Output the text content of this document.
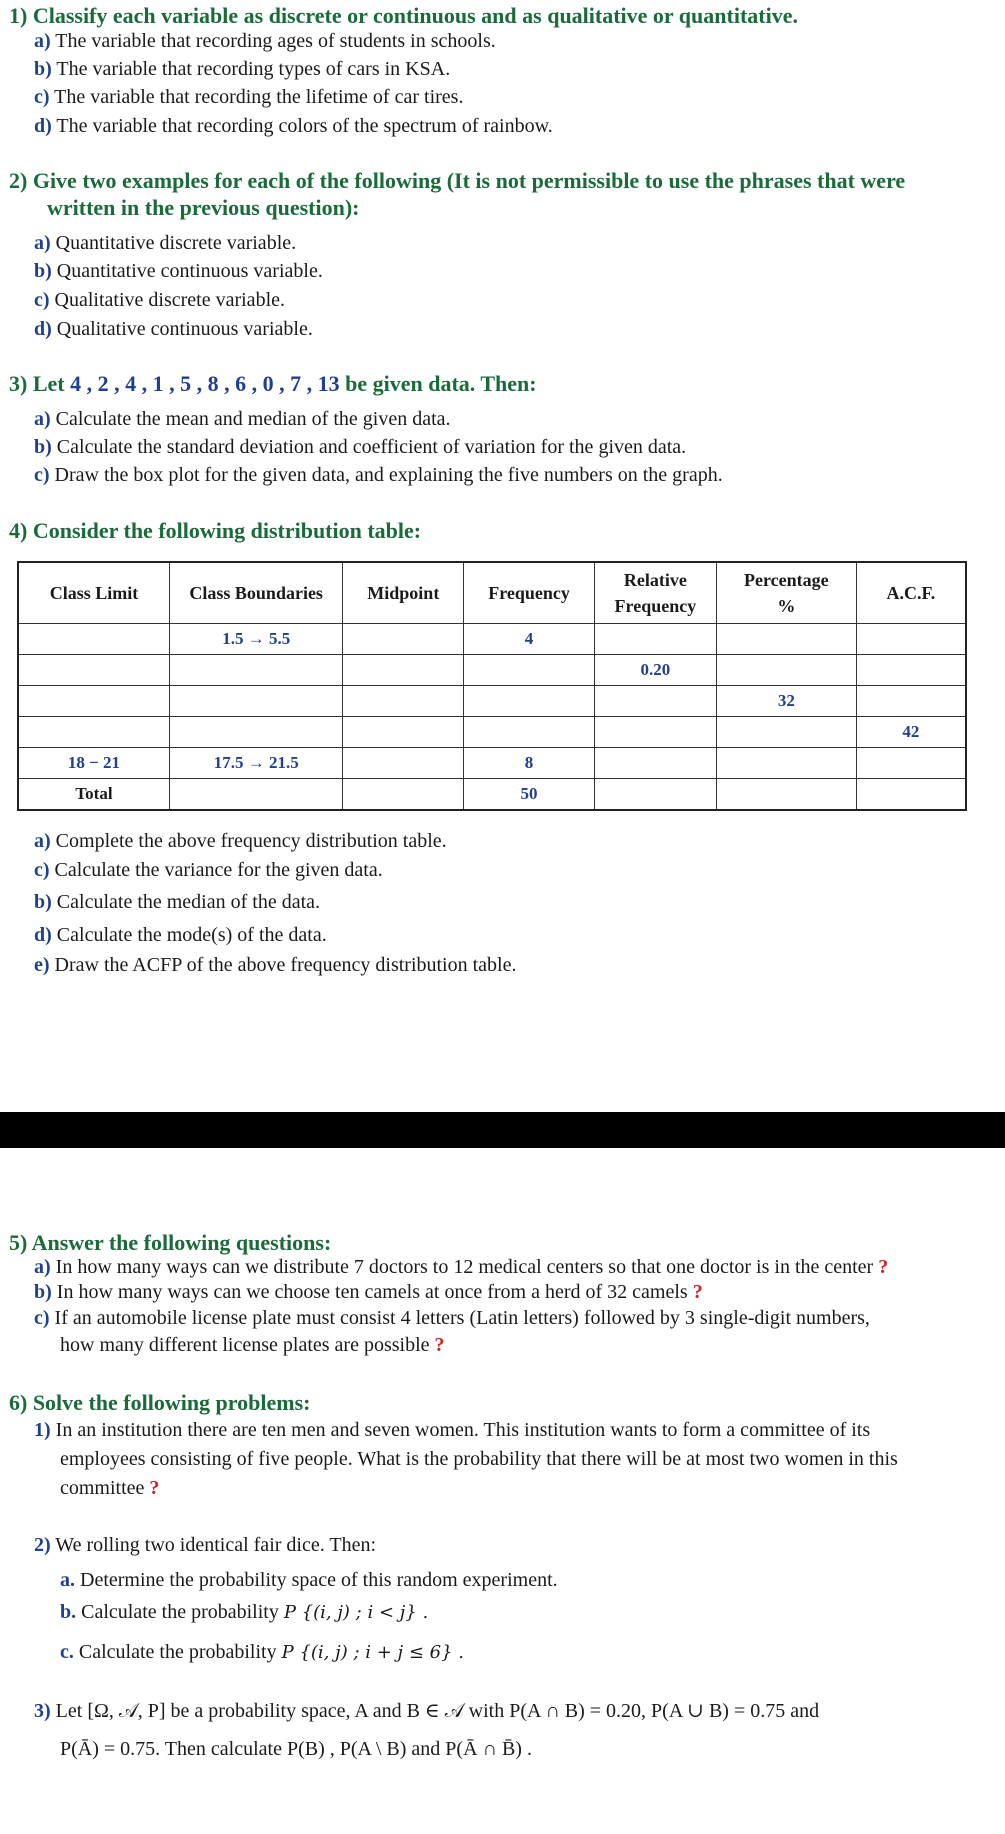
1) Classify each variable as discrete or continuous and as qualitative or quantitative.
a) The variable that recording ages of students in schools.
b) The variable that recording types of cars in KSA.
c) The variable that recording the lifetime of car tires.
d) The variable that recording colors of the spectrum of rainbow.
2) Give two examples for each of the following (It is not permissible to use the phrases that were
written in the previous question):
a) Quantitative discrete variable.
b) Quantitative continuous variable.
c) Qualitative discrete variable.
d) Qualitative continuous variable.
3) Let 4 , 2 , 4 , 1 , 5 , 8 , 6 , 0 , 7 , 13 be given data. Then:
a) Calculate the mean and median of the given data.
b) Calculate the standard deviation and coefficient of variation for the given data.
c) Draw the box plot for the given data, and explaining the five numbers on the graph.
4) Consider the following distribution table:
Class Limit	Class Boundaries	Midpoint	Frequency	Relative Frequency	Percentage %	A.C.F.
	1.5 → 5.5		4			
				0.20		
					32	
						42
18 − 21	17.5 → 21.5		8			
Total			50			
a) Complete the above frequency distribution table.
c) Calculate the variance for the given data.
b) Calculate the median of the data.
d) Calculate the mode(s) of the data.
e) Draw the ACFP of the above frequency distribution table.
5) Answer the following questions:
a) In how many ways can we distribute 7 doctors to 12 medical centers so that one doctor is in the center ?
b) In how many ways can we choose ten camels at once from a herd of 32 camels ?
c) If an automobile license plate must consist 4 letters (Latin letters) followed by 3 single-digit numbers,
how many different license plates are possible ?
6) Solve the following problems:
1) In an institution there are ten men and seven women. This institution wants to form a committee of its
employees consisting of five people. What is the probability that there will be at most two women in this
committee ?
2) We rolling two identical fair dice. Then:
a. Determine the probability space of this random experiment.
b. Calculate the probability P {(i, j) ; i < j} .
c. Calculate the probability P {(i, j) ; i + j ≤ 6} .
3) Let [Ω, 𝒜, P] be a probability space, A and B ∈ 𝒜 with P(A ∩ B) = 0.20, P(A ∪ B) = 0.75 and
P(Ā) = 0.75. Then calculate P(B) , P(A \ B) and P(Ā ∩ B̄) .
